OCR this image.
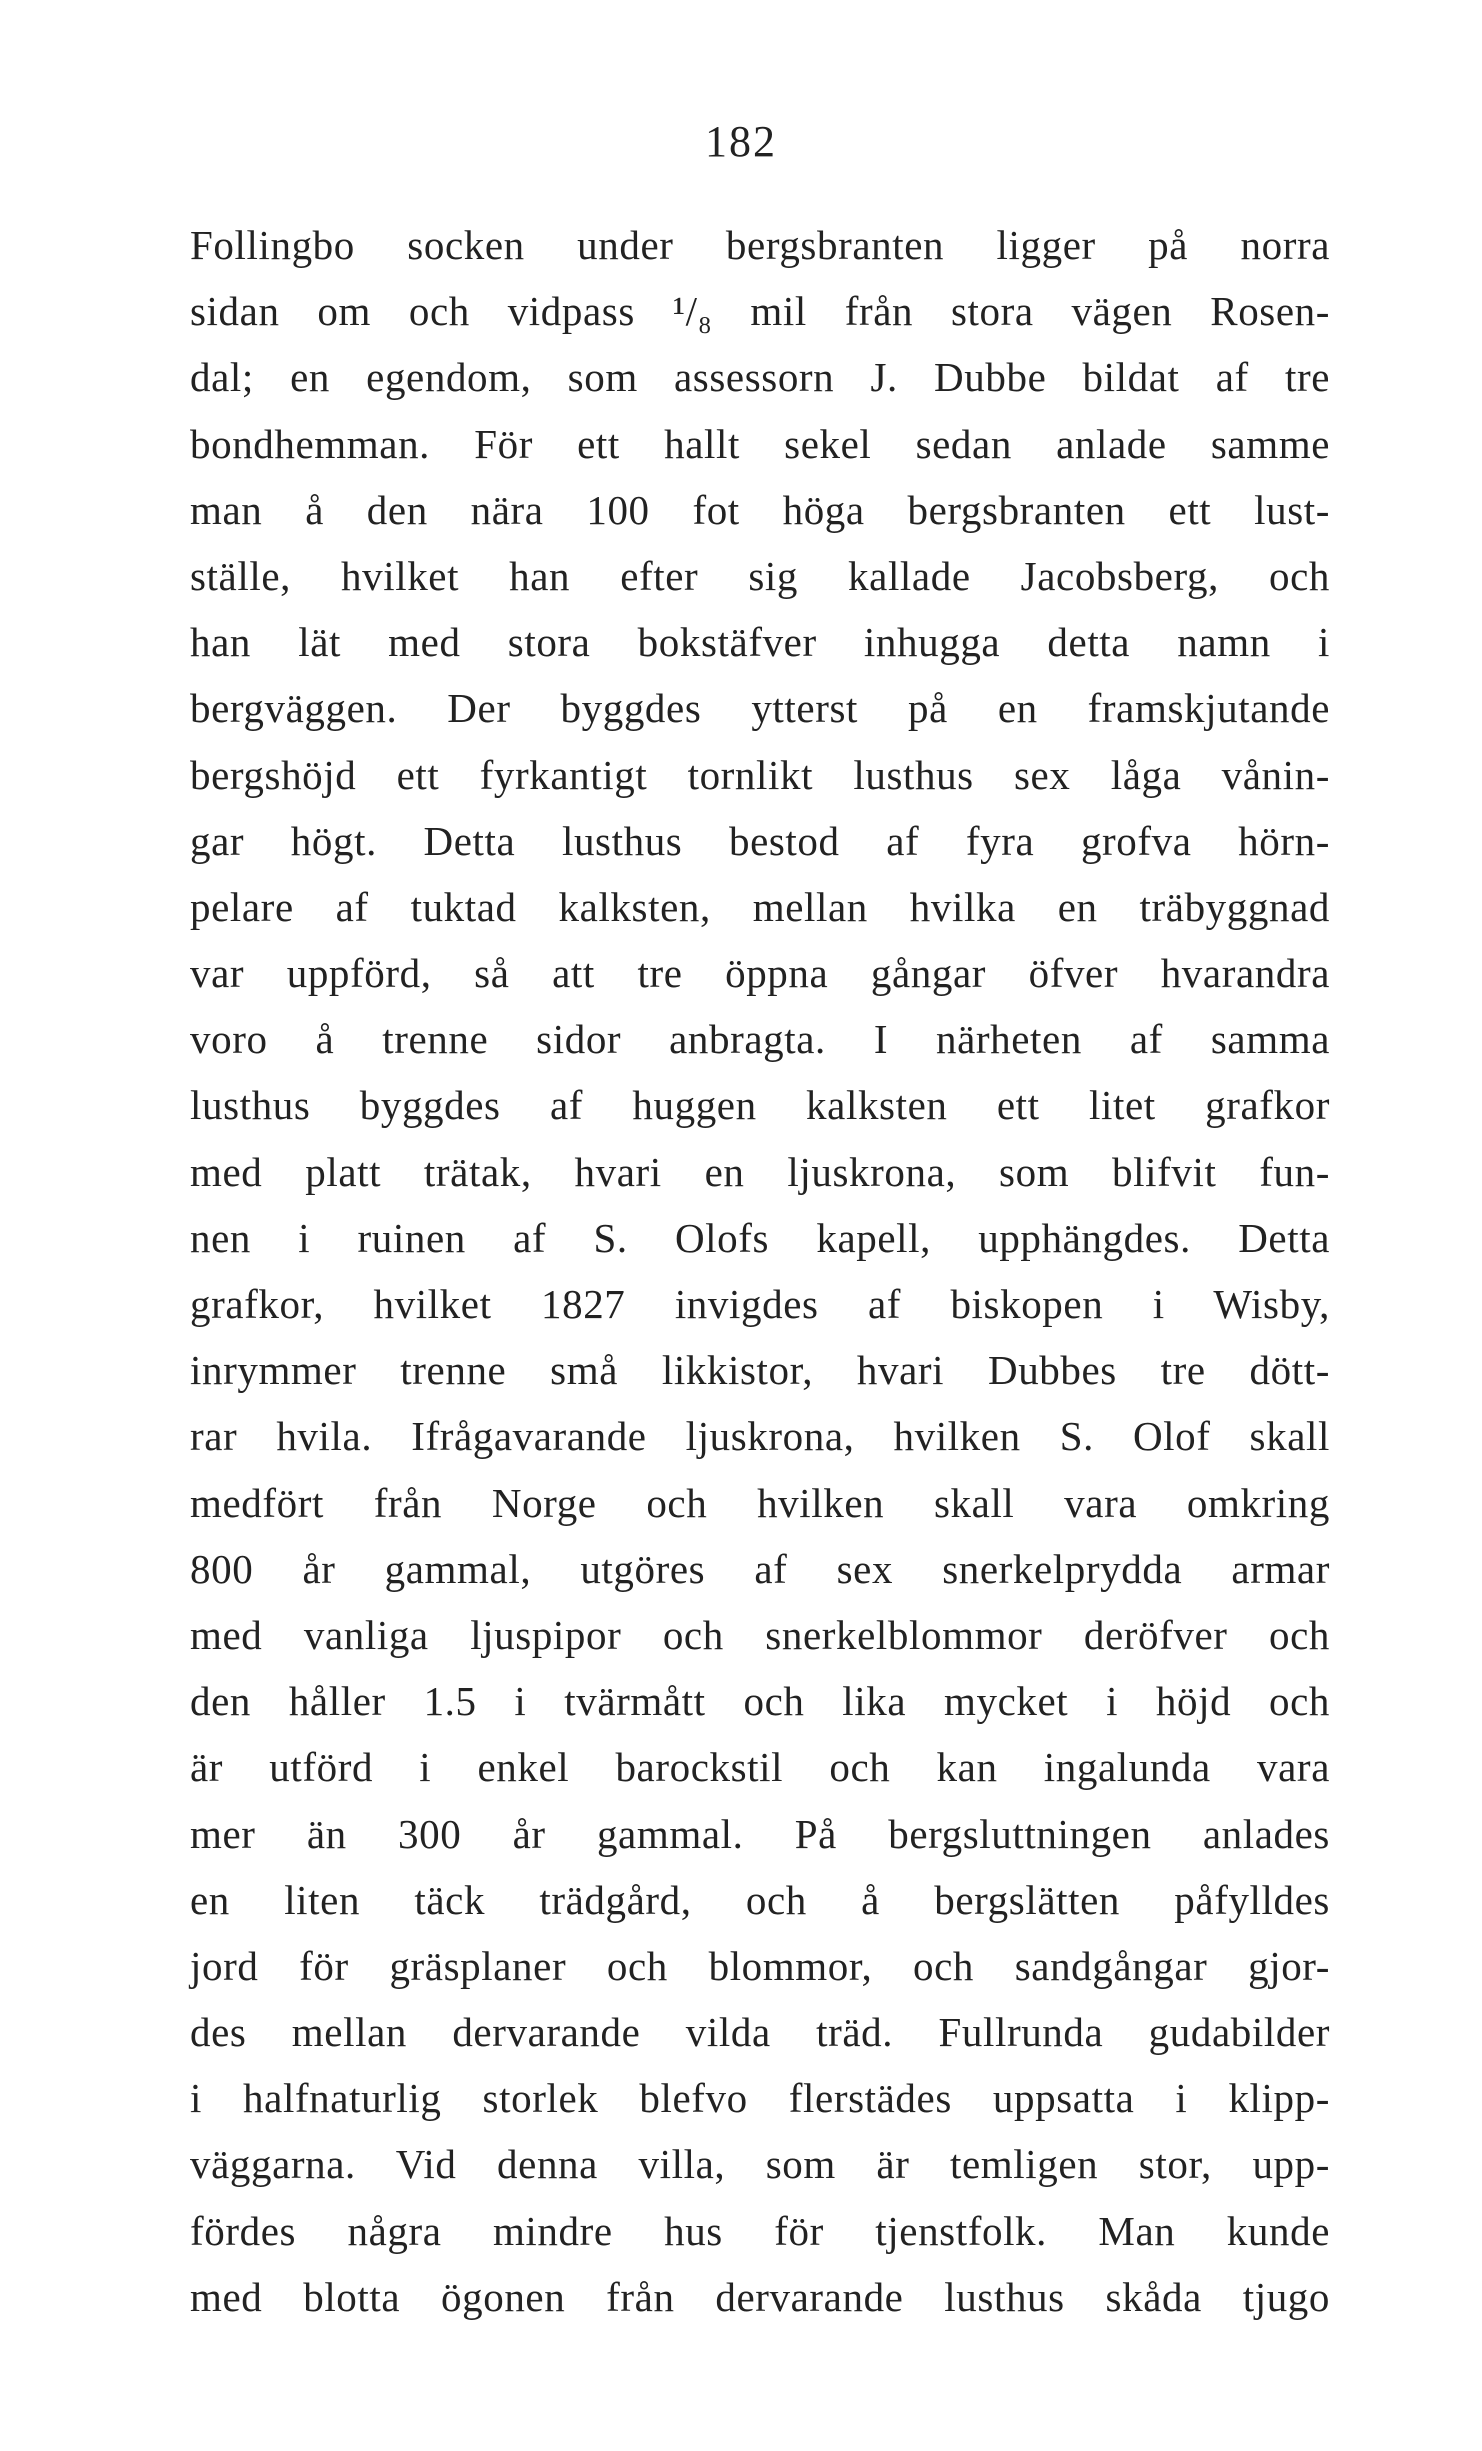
182
Follingbo socken under bergsbranten ligger på norra
sidan om och vidpass ¹/₈ mil från stora vägen Rosen-
dal; en egendom, som assessorn J. Dubbe bildat af tre
bondhemman. För ett hallt sekel sedan anlade samme
man å den nära 100 fot höga bergsbranten ett lust-
ställe, hvilket han efter sig kallade Jacobsberg, och
han lät med stora bokstäfver inhugga detta namn i
bergväggen. Der byggdes ytterst på en framskjutande
bergshöjd ett fyrkantigt tornlikt lusthus sex låga vånin-
gar högt. Detta lusthus bestod af fyra grofva hörn-
pelare af tuktad kalksten, mellan hvilka en träbyggnad
var uppförd, så att tre öppna gångar öfver hvarandra
voro å trenne sidor anbragta. I närheten af samma
lusthus byggdes af huggen kalksten ett litet grafkor
med platt trätak, hvari en ljuskrona, som blifvit fun-
nen i ruinen af S. Olofs kapell, upphängdes. Detta
grafkor, hvilket 1827 invigdes af biskopen i Wisby,
inrymmer trenne små likkistor, hvari Dubbes tre dött-
rar hvila. Ifrågavarande ljuskrona, hvilken S. Olof skall
medfört från Norge och hvilken skall vara omkring
800 år gammal, utgöres af sex snerkelprydda armar
med vanliga ljuspipor och snerkelblommor deröfver och
den håller 1.5 i tvärmått och lika mycket i höjd och
är utförd i enkel barockstil och kan ingalunda vara
mer än 300 år gammal. På bergsluttningen anlades
en liten täck trädgård, och å bergslätten påfylldes
jord för gräsplaner och blommor, och sandgångar gjor-
des mellan dervarande vilda träd. Fullrunda gudabilder
i halfnaturlig storlek blefvo flerstädes uppsatta i klipp-
väggarna. Vid denna villa, som är temligen stor, upp-
fördes några mindre hus för tjenstfolk. Man kunde
med blotta ögonen från dervarande lusthus skåda tjugo
